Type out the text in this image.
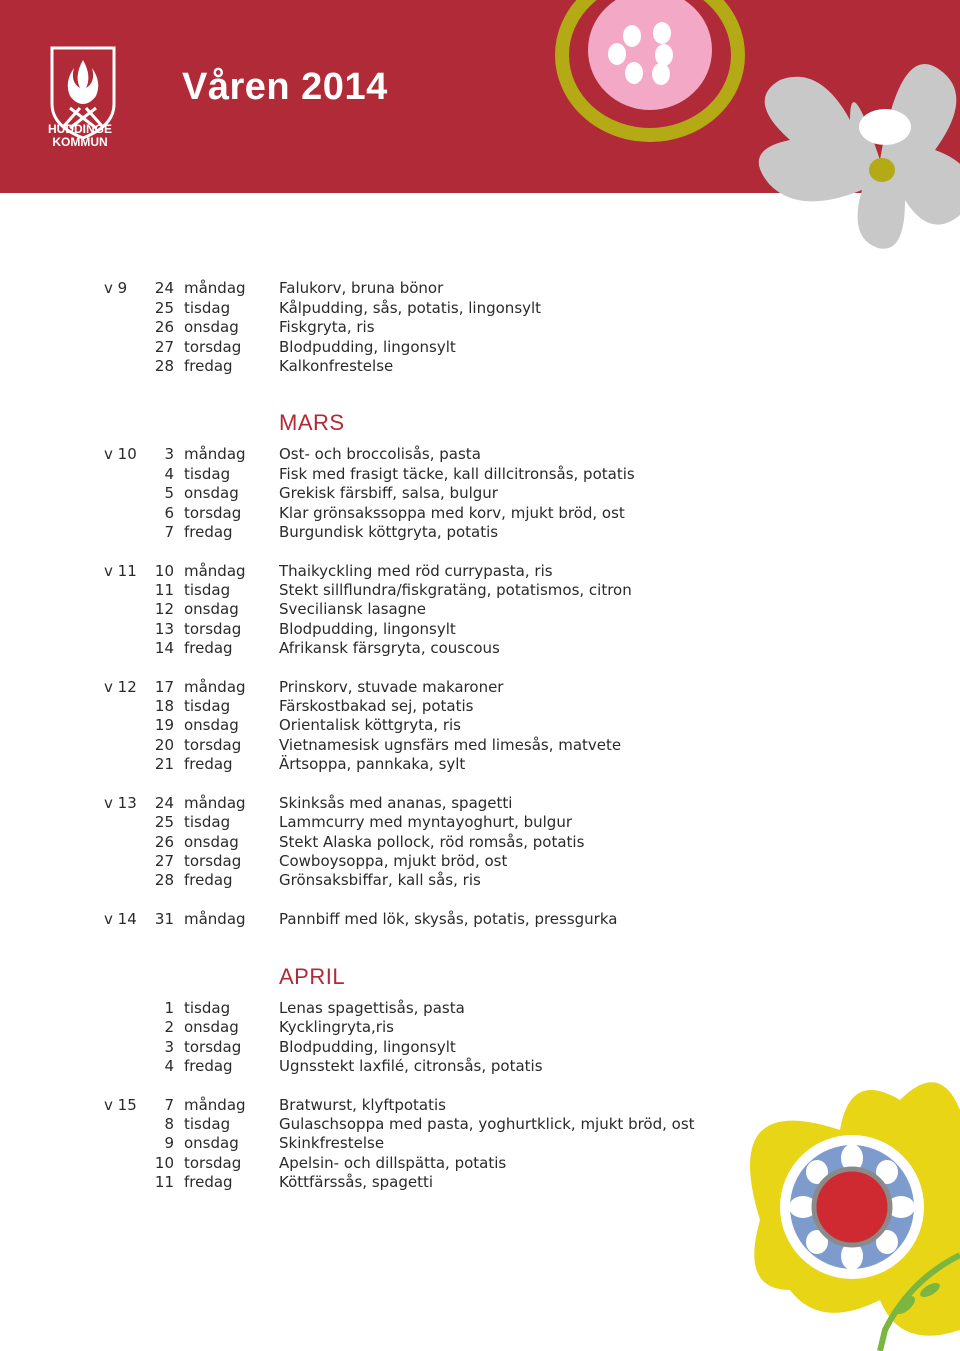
HUDDINGE
KOMMUN
Våren 2014
MARS
APRIL
v 9	24 måndag	Falukorv, bruna bönor
25 tisdag	Kålpudding, sås, potatis, lingonsylt
26 onsdag	Fiskgryta, ris
27 torsdag	Blodpudding, lingonsylt
28 fredag	Kalkonfrestelse
v 10	3 måndag	Ost- och broccolisås, pasta
4 tisdag	Fisk med frasigt täcke, kall dillcitronsås, potatis
5 onsdag	Grekisk färsbiff, salsa, bulgur
6 torsdag	Klar grönsakssoppa med korv, mjukt bröd, ost
7 fredag	Burgundisk köttgryta, potatis
v 11	10 måndag	Thaikyckling med röd currypasta, ris
11 tisdag	Stekt sillflundra/fiskgratäng, potatismos, citron
12 onsdag	Sveciliansk lasagne
13 torsdag	Blodpudding, lingonsylt
14 fredag	Afrikansk färsgryta, couscous
v 12	17 måndag	Prinskorv, stuvade makaroner
18 tisdag	Färskostbakad sej, potatis
19 onsdag	Orientalisk köttgryta, ris
20 torsdag	Vietnamesisk ugnsfärs med limesås, matvete
21 fredag	Ärtsoppa, pannkaka, sylt
v 13	24 måndag	Skinksås med ananas, spagetti
25 tisdag	Lammcurry med myntayoghurt, bulgur
26 onsdag	Stekt Alaska pollock, röd romsås, potatis
27 torsdag	Cowboysoppa, mjukt bröd, ost
28 fredag	Grönsaksbiffar, kall sås, ris
v 14	31 måndag	Pannbiff med lök, skysås, potatis, pressgurka
1 tisdag	Lenas spagettisås, pasta
2 onsdag	Kycklingryta,ris
3 torsdag	Blodpudding, lingonsylt
4 fredag	Ugnsstekt laxfilé, citronsås, potatis
v 15	7 måndag	Bratwurst, klyftpotatis
8 tisdag	Gulaschsoppa med pasta, yoghurtklick, mjukt bröd, ost
9 onsdag	Skinkfrestelse
10 torsdag	Apelsin- och dillspätta, potatis
11 fredag	Köttfärssås, spagetti
